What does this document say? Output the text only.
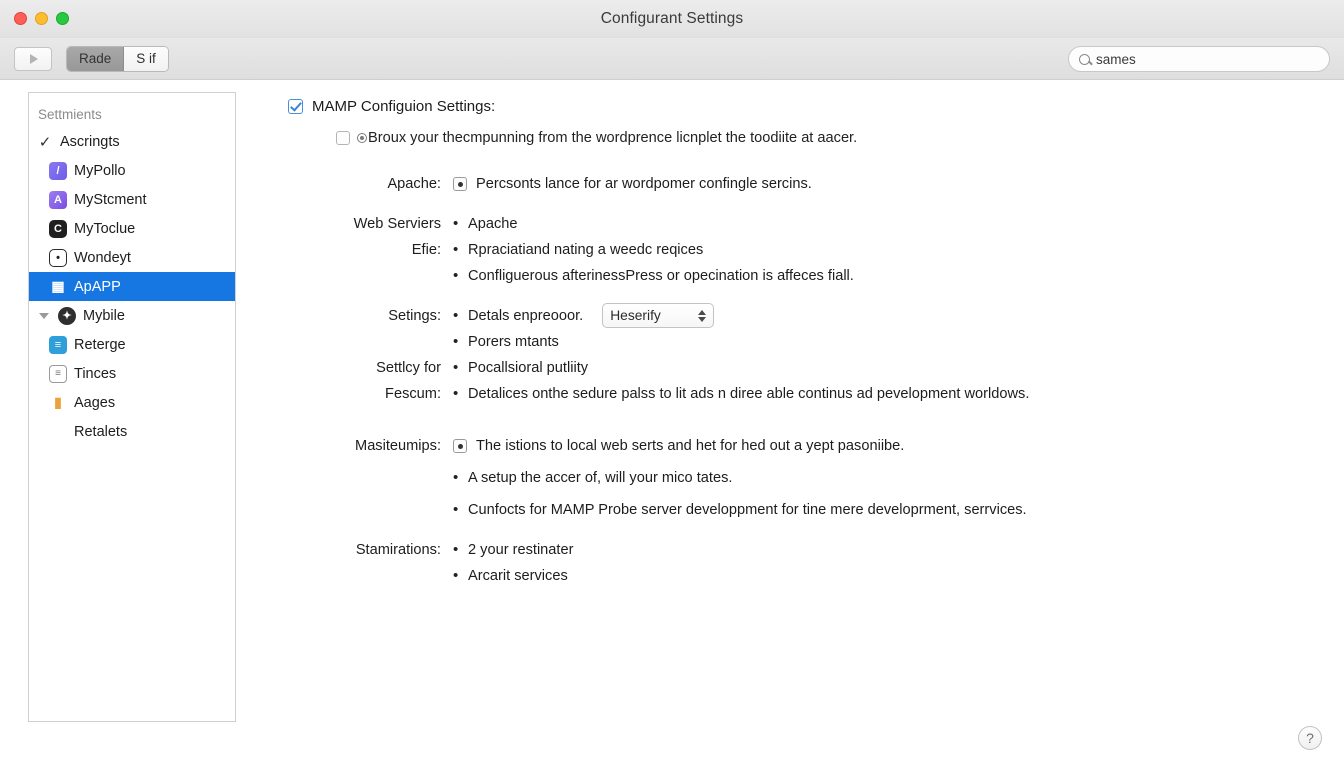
Configurant Settings
Rade	S if	sames
Settmients
✓ Ascringts
/ MyPollo
A MyStcment
C MyToclue
• Wondeyt
▦ ApAPP
✦ Mybile
≡ Reterge
≡ Tinces
▮ Aages
Retalets
MAMP Configuion Settings:
Broux your thecmpunning from the wordprence licnplet the toodiite at aacer.
Apache:	Percsonts lance for ar wordpomer confingle sercins.
Web Serviers • Apache
Efie: • Rpraciatiand nating a weedc reqices
• Confliguerous afterinessPress or opecination is affeces fiall.
Setings: • Detals enpreooor. Heserify
• Porers mtants
Settlcy for • Pocallsioral putliity
Fescum: • Detalices onthe sedure palss to lit ads n diree able continus ad pevelopment worldows.
Masiteumips:	The istions to local web serts and het for hed out a yept pasoniibe.
• A setup the accer of, will your mico tates.
• Cunfocts for MAMP Probe server developpment for tine mere developrment, serrvices.
Stamirations: • 2 your restinater
• Arcarit services
?
